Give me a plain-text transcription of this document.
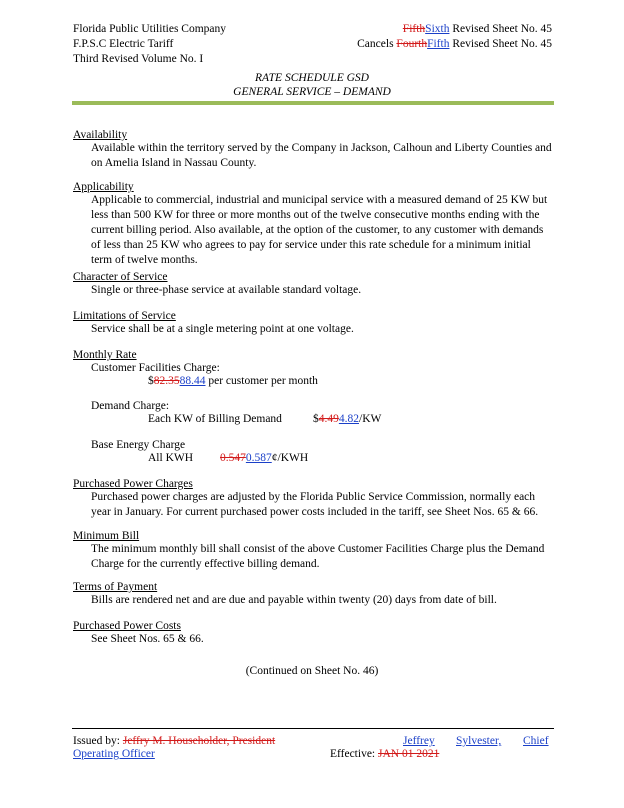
Florida Public Utilities Company
F.P.S.C Electric Tariff
Third Revised Volume No. I
FifthSixth Revised Sheet No. 45
Cancels FourthFifth Revised Sheet No. 45
RATE SCHEDULE GSD
GENERAL SERVICE – DEMAND
Availability
Available within the territory served by the Company in Jackson, Calhoun and Liberty Counties and on Amelia Island in Nassau County.
Applicability
Applicable to commercial, industrial and municipal service with a measured demand of 25 KW but less than 500 KW for three or more months out of the twelve consecutive months ending with the current billing period. Also available, at the option of the customer, to any customer with demands of less than 25 KW who agrees to pay for service under this rate schedule for a minimum initial term of twelve months.
Character of Service
Single or three-phase service at available standard voltage.
Limitations of Service
Service shall be at a single metering point at one voltage.
Monthly Rate
Customer Facilities Charge:
$82.3588.44 per customer per month
Demand Charge:
Each KW of Billing Demand	$4.494.82/KW
Base Energy Charge
All KWH 0.5470.587¢/KWH
Purchased Power Charges
Purchased power charges are adjusted by the Florida Public Service Commission, normally each year in January. For current purchased power costs included in the tariff, see Sheet Nos. 65 & 66.
Minimum Bill
The minimum monthly bill shall consist of the above Customer Facilities Charge plus the Demand Charge for the currently effective billing demand.
Terms of Payment
Bills are rendered net and are due and payable within twenty (20) days from date of bill.
Purchased Power Costs
See Sheet Nos. 65 & 66.
(Continued on Sheet No. 46)
Issued by: Jeffry M. Householder, President	Jeffrey Sylvester, Chief
Operating Officer	Effective: JAN 01 2021
